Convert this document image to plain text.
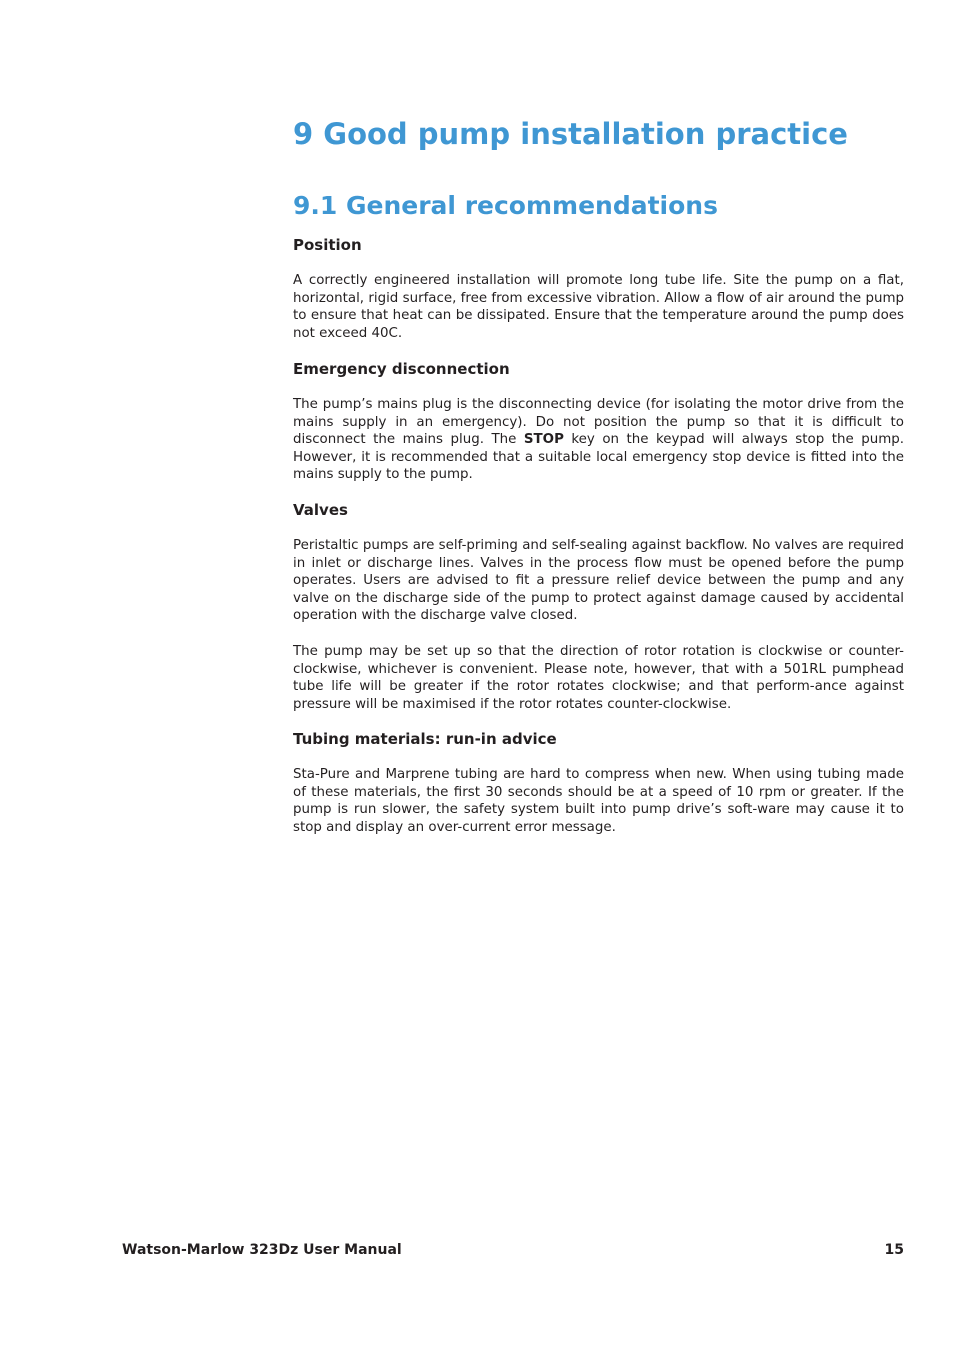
9 Good pump installation practice
9.1 General recommendations
Position

A correctly engineered installation will promote long tube life. Site the pump on a flat, horizontal, rigid surface, free from excessive vibration. Allow a flow of air around the pump to ensure that heat can be dissipated. Ensure that the temperature around the pump does not exceed 40C.

Emergency disconnection

The pump’s mains plug is the disconnecting device (for isolating the motor drive from the mains supply in an emergency). Do not position the pump so that it is difficult to disconnect the mains plug. The STOP key on the keypad will always stop the pump. However, it is recommended that a suitable local emergency stop device is fitted into the mains supply to the pump.

Valves

Peristaltic pumps are self-priming and self-sealing against backflow. No valves are required in inlet or discharge lines. Valves in the process flow must be opened before the pump operates. Users are advised to fit a pressure relief device between the pump and any valve on the discharge side of the pump to protect against damage caused by accidental operation with the discharge valve closed.

The pump may be set up so that the direction of rotor rotation is clockwise or counter-clockwise, whichever is convenient. Please note, however, that with a 501RL pumphead tube life will be greater if the rotor rotates clockwise; and that perform-ance against pressure will be maximised if the rotor rotates counter-clockwise.

Tubing materials: run-in advice

Sta-Pure and Marprene tubing are hard to compress when new. When using tubing made of these materials, the first 30 seconds should be at a speed of 10 rpm or greater. If the pump is run slower, the safety system built into pump drive’s soft-ware may cause it to stop and display an over-current error message.

Watson-Marlow 323Dz User Manual	15
